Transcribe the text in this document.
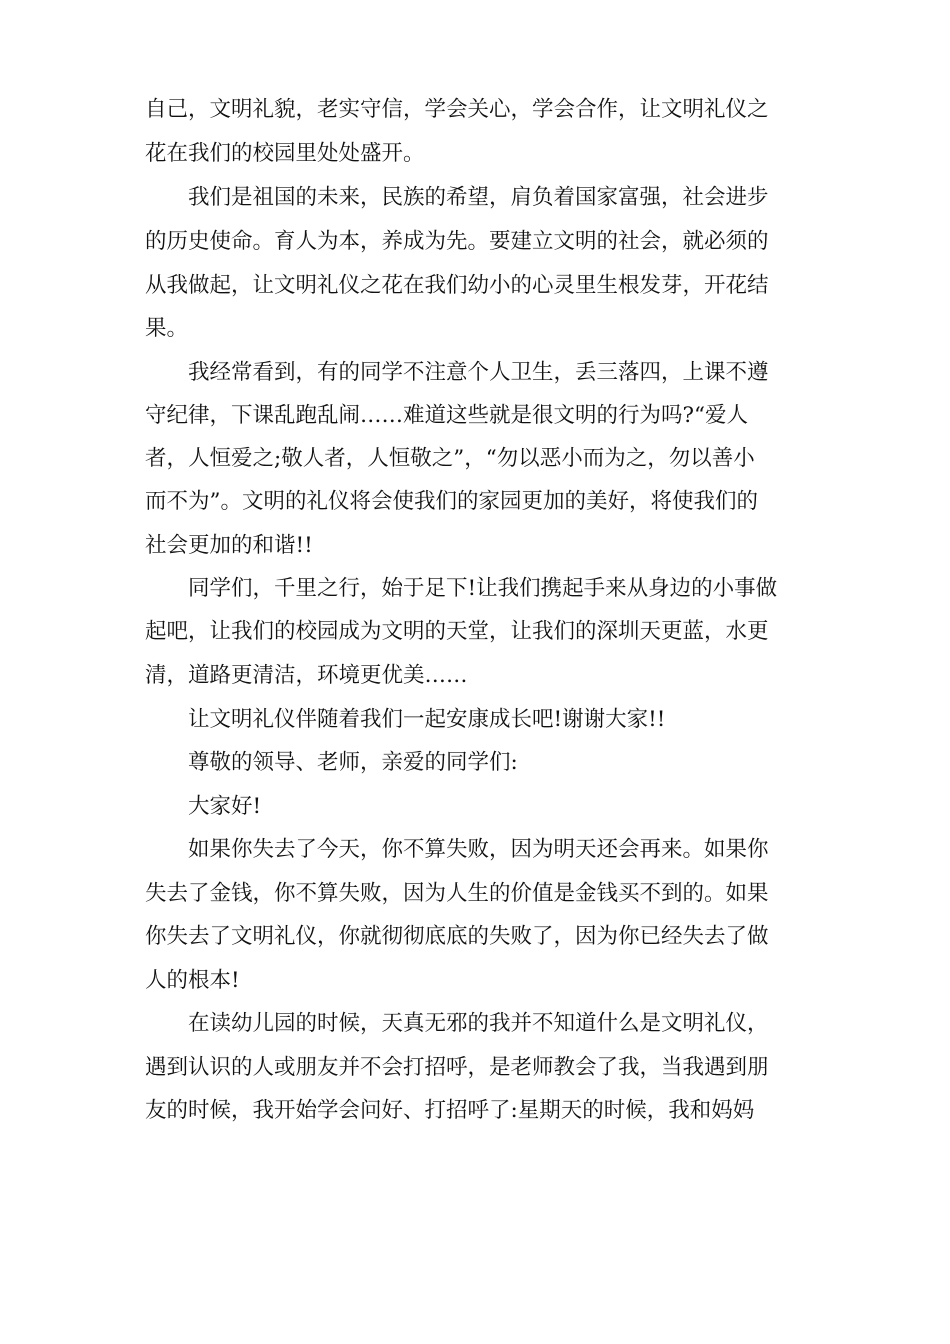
自己，文明礼貌，老实守信，学会关心，学会合作，让文明礼仪之
花在我们的校园里处处盛开。
　　我们是祖国的未来，民族的希望，肩负着国家富强，社会进步
的历史使命。育人为本，养成为先。要建立文明的社会，就必须的
从我做起，让文明礼仪之花在我们幼小的心灵里生根发芽，开花结
果。
　　我经常看到，有的同学不注意个人卫生，丢三落四，上课不遵
守纪律，下课乱跑乱闹……难道这些就是很文明的行为吗?“爱人
者，人恒爱之;敬人者，人恒敬之”，“勿以恶小而为之，勿以善小
而不为”。文明的礼仪将会使我们的家园更加的美好，将使我们的
社会更加的和谐!!
　　同学们，千里之行，始于足下!让我们携起手来从身边的小事做
起吧，让我们的校园成为文明的天堂，让我们的深圳天更蓝，水更
清，道路更清洁，环境更优美……
　　让文明礼仪伴随着我们一起安康成长吧!谢谢大家!!
　　尊敬的领导、老师，亲爱的同学们:
　　大家好!
　　如果你失去了今天，你不算失败，因为明天还会再来。如果你
失去了金钱，你不算失败，因为人生的价值是金钱买不到的。如果
你失去了文明礼仪，你就彻彻底底的失败了，因为你已经失去了做
人的根本!
　　在读幼儿园的时候，天真无邪的我并不知道什么是文明礼仪，
遇到认识的人或朋友并不会打招呼，是老师教会了我，当我遇到朋
友的时候，我开始学会问好、打招呼了:星期天的时候，我和妈妈
